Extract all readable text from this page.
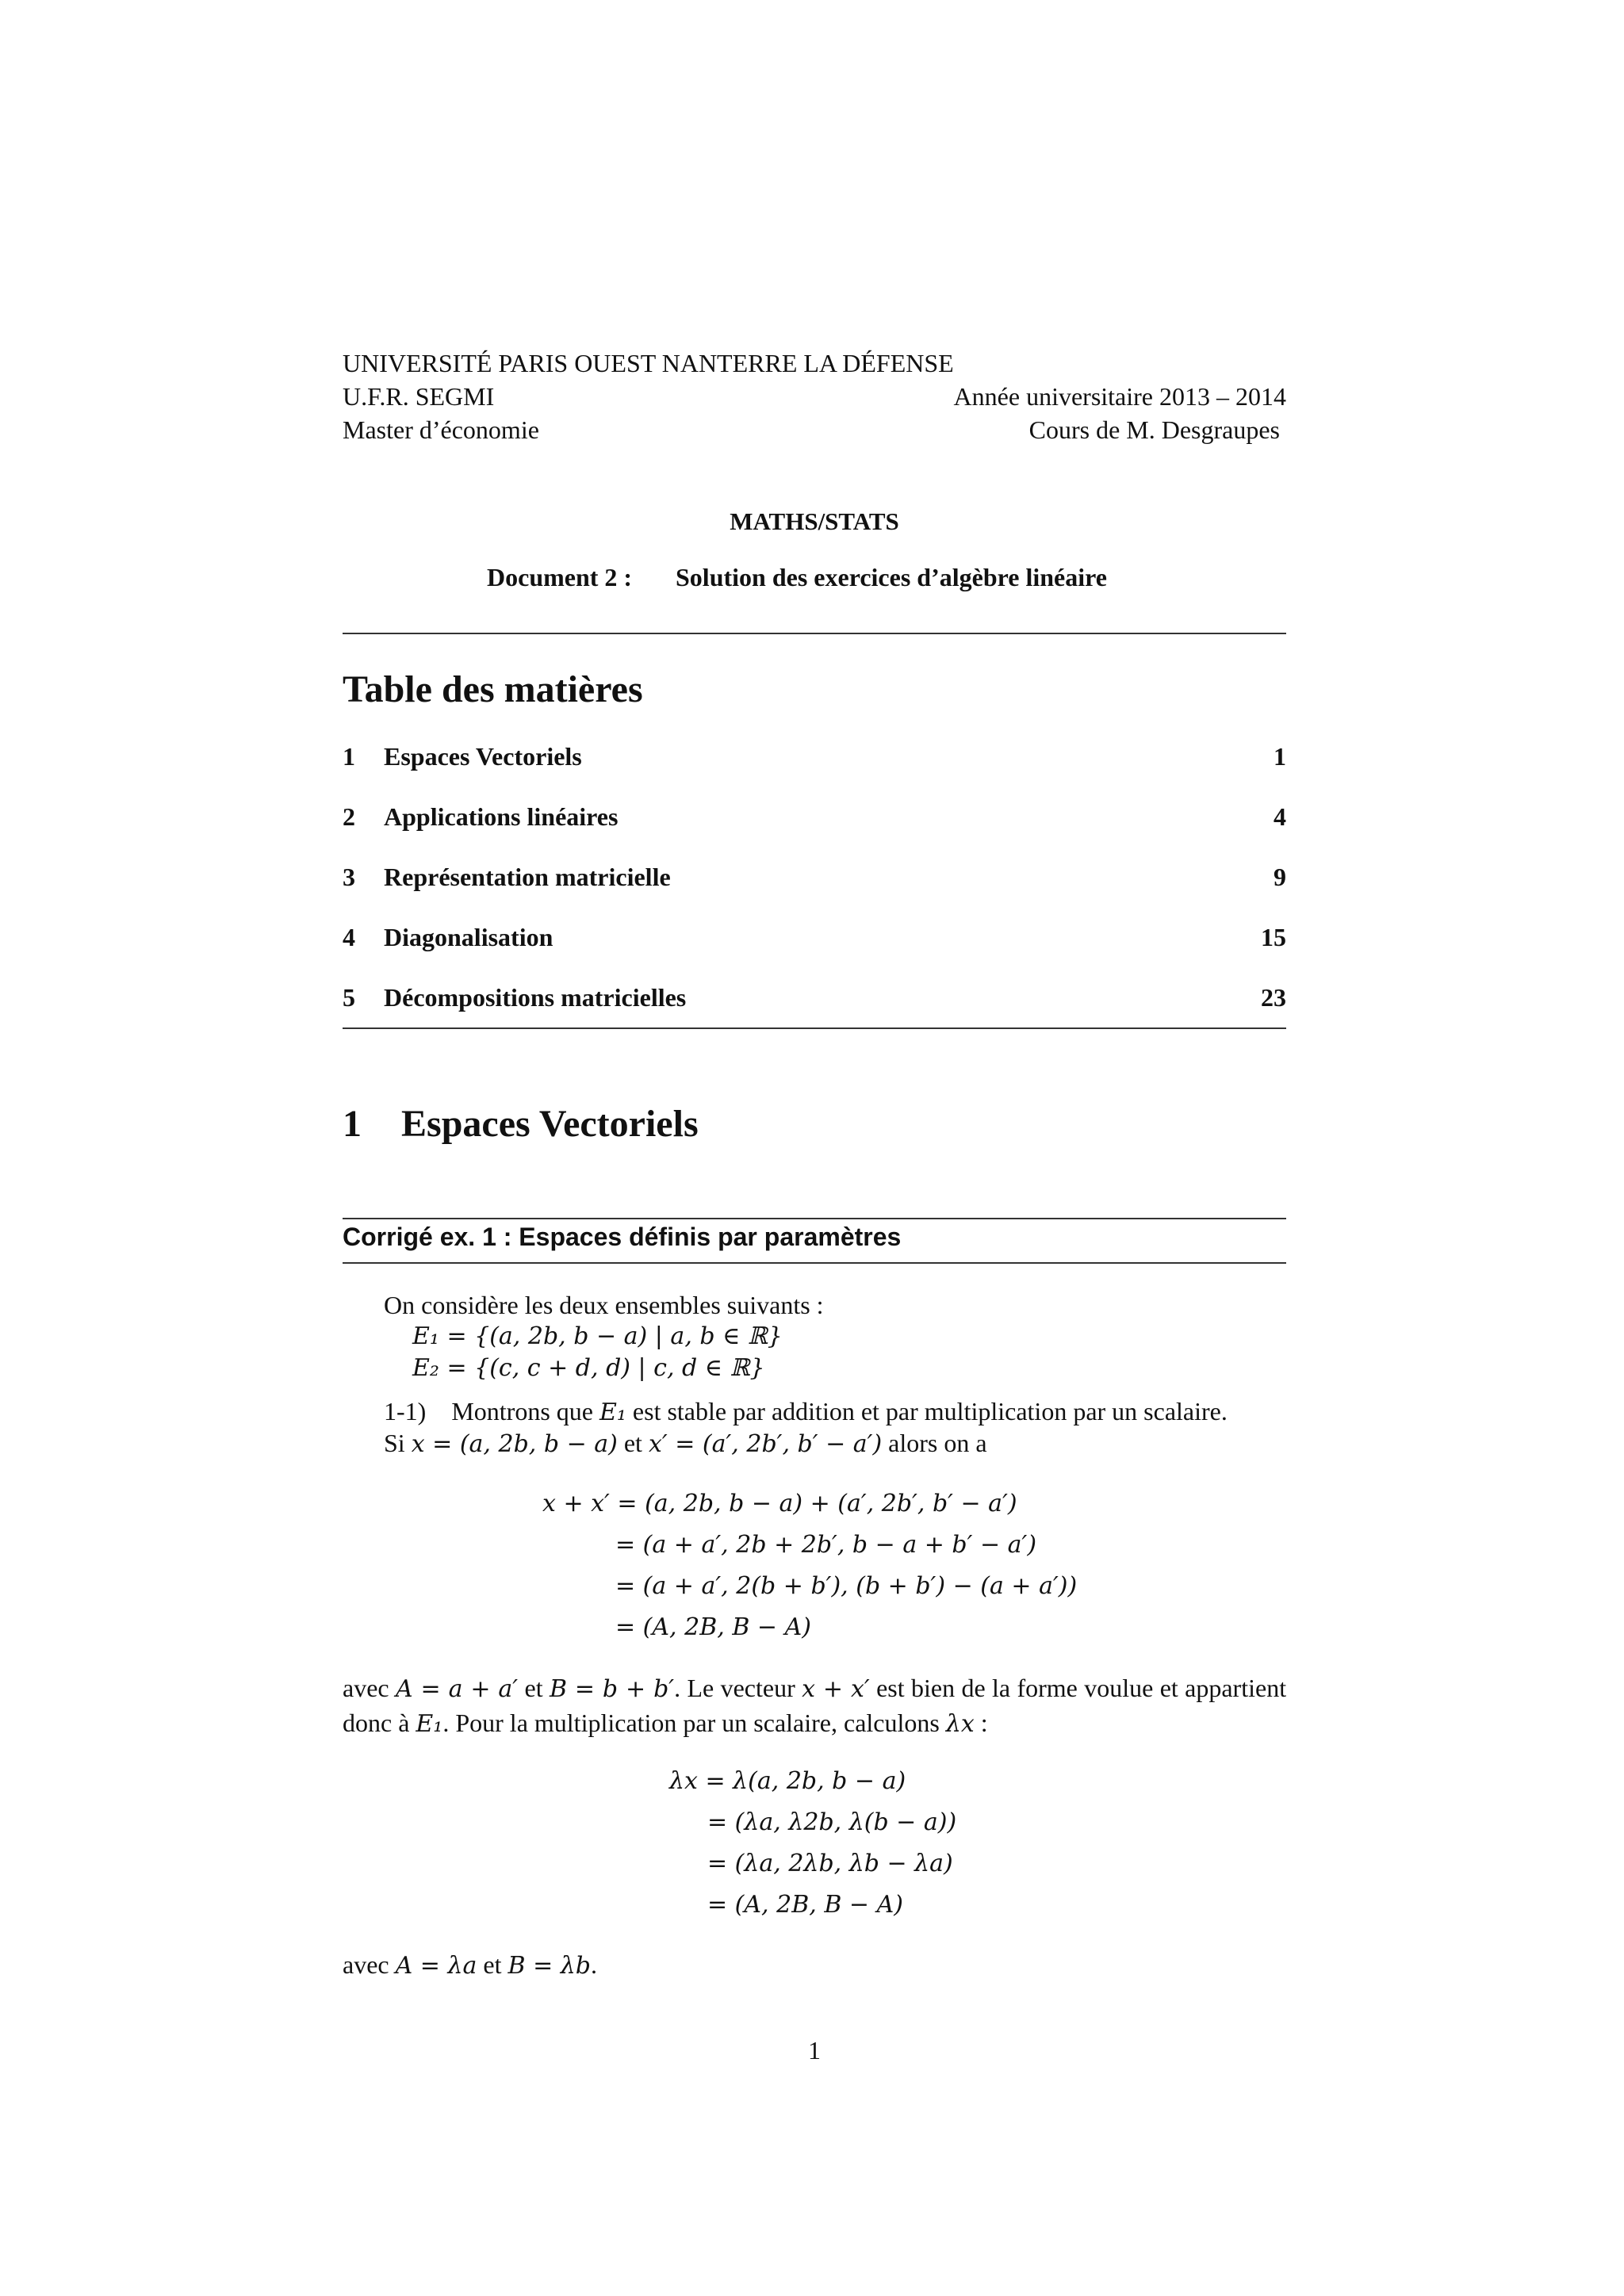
UNIVERSITÉ PARIS OUEST NANTERRE LA DÉFENSE
U.F.R. SEGMI	Année universitaire 2013 – 2014
Master d’économie	Cours de M. Desgraupes
MATHS/STATS
Document 2 : Solution des exercices d’algèbre linéaire
Table des matières
1 Espaces Vectoriels	1
2 Applications linéaires	4
3 Représentation matricielle	9
4 Diagonalisation	15
5 Décompositions matricielles	23
1 Espaces Vectoriels
Corrigé ex. 1 : Espaces définis par paramètres
On considère les deux ensembles suivants :
E₁ = {(a, 2b, b − a) | a, b ∈ ℝ}
E₂ = {(c, c + d, d) | c, d ∈ ℝ}
1-1) Montrons que E₁ est stable par addition et par multiplication par un scalaire.
Si x = (a, 2b, b − a) et x′ = (a′, 2b′, b′ − a′) alors on a
x + x′ = (a, 2b, b − a) + (a′, 2b′, b′ − a′)
= (a + a′, 2b + 2b′, b − a + b′ − a′)
= (a + a′, 2(b + b′), (b + b′) − (a + a′))
= (A, 2B, B − A)
avec A = a + a′ et B = b + b′. Le vecteur x + x′ est bien de la forme voulue et appartient donc à E₁. Pour la multiplication par un scalaire, calculons λx :
λx = λ(a, 2b, b − a)
= (λa, λ2b, λ(b − a))
= (λa, 2λb, λb − λa)
= (A, 2B, B − A)
avec A = λa et B = λb.
1
